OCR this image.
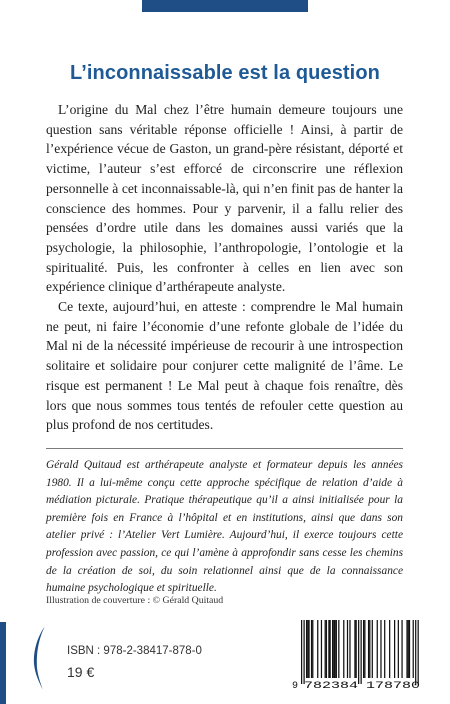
L’inconnaissable est la question

L’origine du Mal chez l’être humain demeure toujours une question sans véritable réponse officielle ! Ainsi, à partir de l’expérience vécue de Gaston, un grand-père résistant, déporté et victime, l’auteur s’est efforcé de circonscrire une réflexion personnelle à cet inconnaissable-là, qui n’en finit pas de hanter la conscience des hommes. Pour y parvenir, il a fallu relier des pensées d’ordre utile dans les domaines aussi variés que la psychologie, la philosophie, l’anthropologie, l’ontologie et la spiritualité. Puis, les confronter à celles en lien avec son expérience clinique d’arthérapeute analyste.

Ce texte, aujourd’hui, en atteste : comprendre le Mal humain ne peut, ni faire l’économie d’une refonte globale de l’idée du Mal ni de la nécessité impérieuse de recourir à une introspection solitaire et solidaire pour conjurer cette malignité de l’âme. Le risque est permanent ! Le Mal peut à chaque fois renaître, dès lors que nous sommes tous tentés de refouler cette question au plus profond de nos certitudes.

Gérald Quitaud est arthérapeute analyste et formateur depuis les années 1980. Il a lui-même conçu cette approche spécifique de relation d’aide à médiation picturale. Pratique thérapeutique qu’il a ainsi initialisée pour la première fois en France à l’hôpital et en institutions, ainsi que dans son atelier privé : l’Atelier Vert Lumière. Aujourd’hui, il exerce toujours cette profession avec passion, ce qui l’amène à approfondir sans cesse les chemins de la création de soi, du soin relationnel ainsi que de la connaissance humaine psychologique et spirituelle.

Illustration de couverture : © Gérald Quitaud

ISBN : 978-2-38417-878-0

19 €

9 782384 178780
